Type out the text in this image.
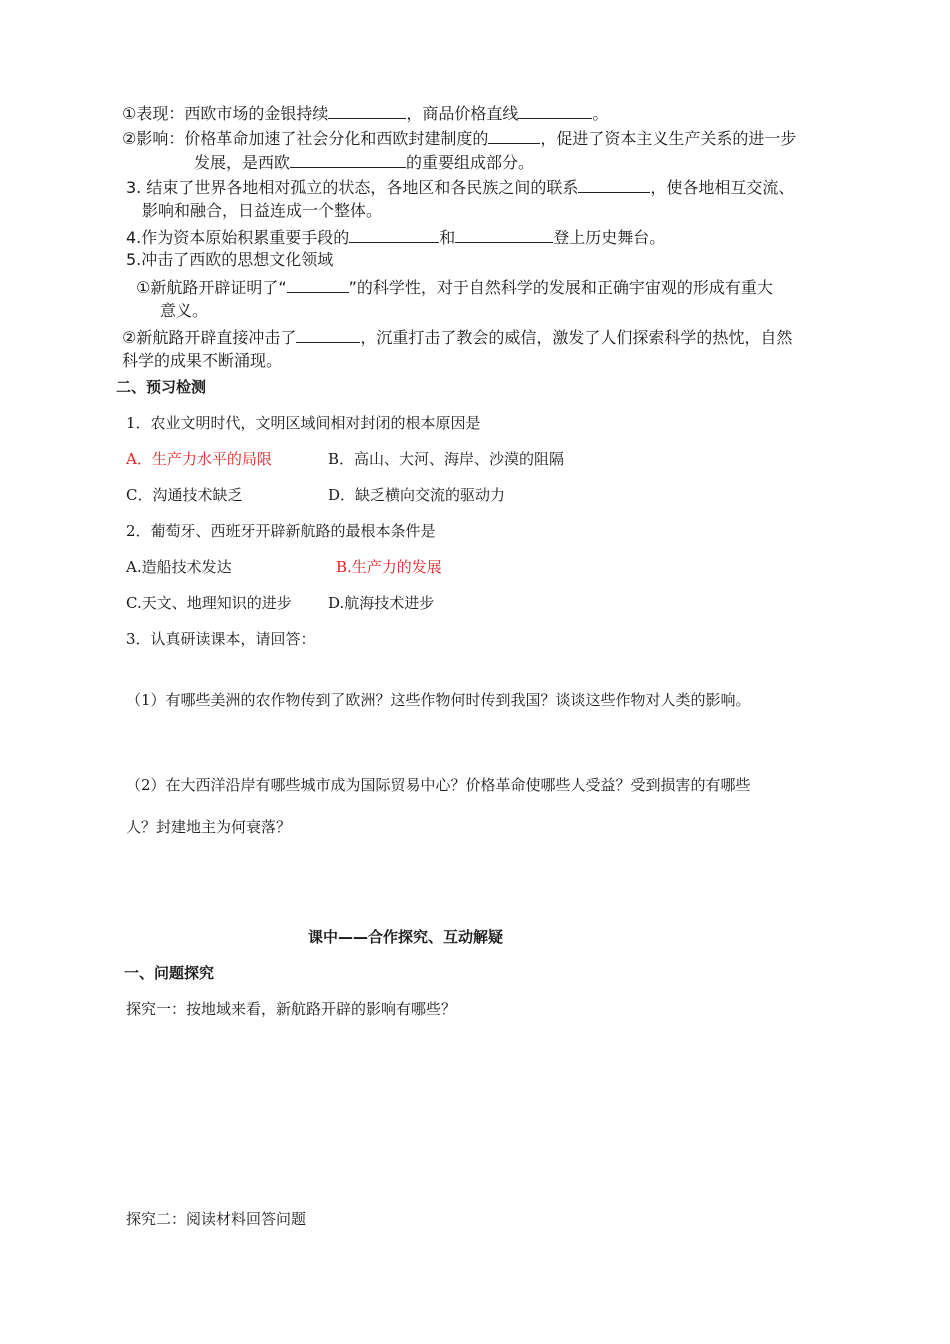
①表现：西欧市场的金银持续	，商品价格直线	。
②影响：价格革命加速了社会分化和西欧封建制度的	，促进了资本主义生产关系的进一步
发展，是西欧	的重要组成部分。
3. 结束了世界各地相对孤立的状态，各地区和各民族之间的联系	，使各地相互交流、
影响和融合，日益连成一个整体。
4.作为资本原始积累重要手段的	和	登上历史舞台。
5.冲击了西欧的思想文化领域
①新航路开辟证明了“	”的科学性，对于自然科学的发展和正确宇宙观的形成有重大
意义。
②新航路开辟直接冲击了	，沉重打击了教会的威信，激发了人们探索科学的热忱，自然
科学的成果不断涌现。
二、预习检测
1．农业文明时代，文明区域间相对封闭的根本原因是
A．生产力水平的局限	B．高山、大河、海岸、沙漠的阻隔
C．沟通技术缺乏	D．缺乏横向交流的驱动力
2．葡萄牙、西班牙开辟新航路的最根本条件是
A.造船技术发达	B.生产力的发展
C.天文、地理知识的进步 D.航海技术进步
3．认真研读课本，请回答：
（1）有哪些美洲的农作物传到了欧洲？这些作物何时传到我国？谈谈这些作物对人类的影响。
（2）在大西洋沿岸有哪些城市成为国际贸易中心？价格革命使哪些人受益？受到损害的有哪些
人？封建地主为何衰落？
课中——合作探究、互动解疑
一、问题探究
探究一：按地域来看，新航路开辟的影响有哪些？
探究二：阅读材料回答问题
